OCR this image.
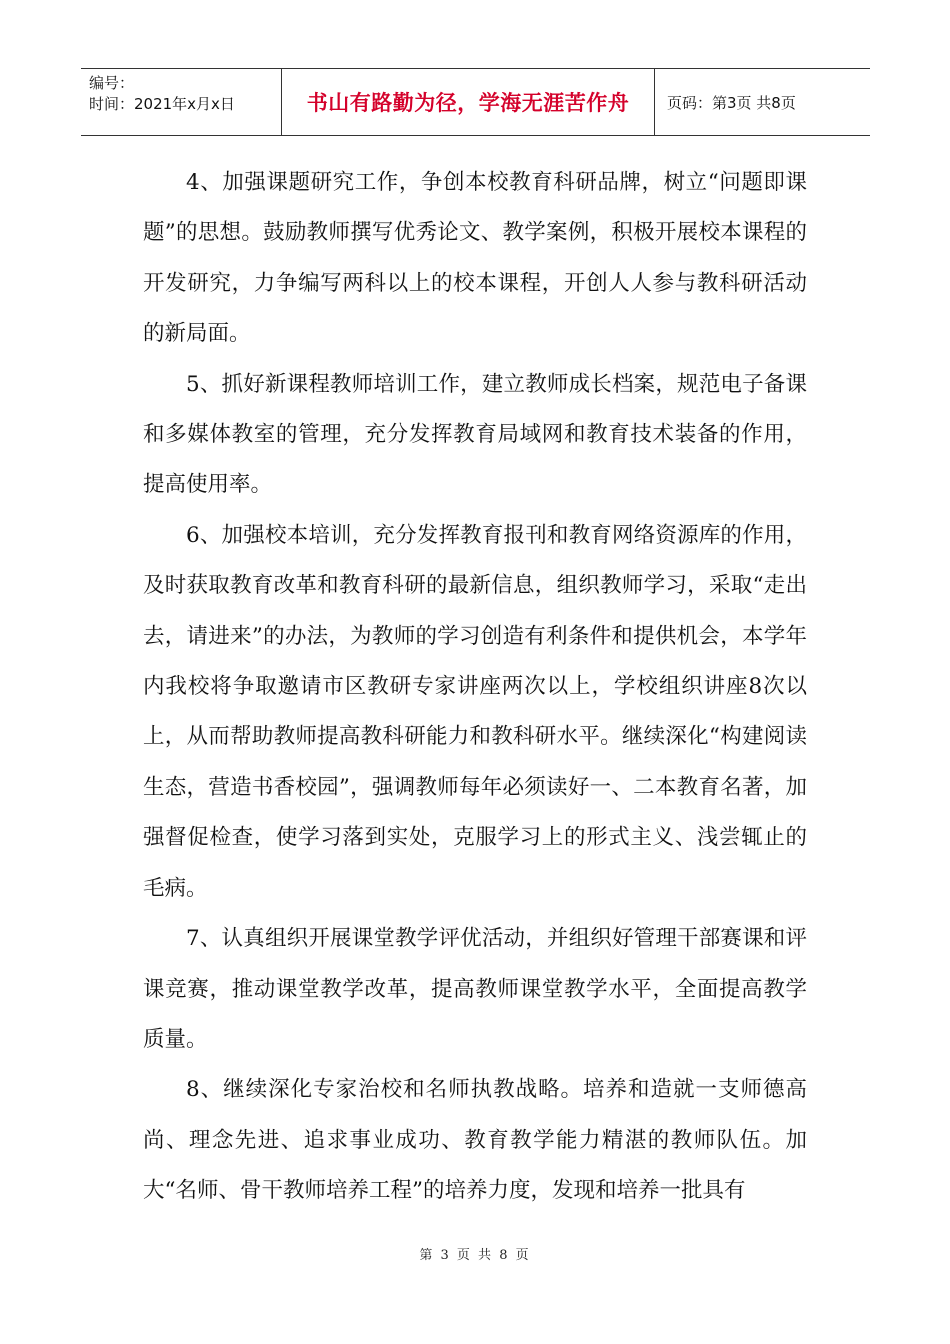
编号：
时间：2021年x月x日	书山有路勤为径，学海无涯苦作舟	页码：第3页 共8页

4、加强课题研究工作，争创本校教育科研品牌，树立“问题即课题”的思想。鼓励教师撰写优秀论文、教学案例，积极开展校本课程的开发研究，力争编写两科以上的校本课程，开创人人参与教科研活动的新局面。

5、抓好新课程教师培训工作，建立教师成长档案，规范电子备课和多媒体教室的管理，充分发挥教育局域网和教育技术装备的作用，提高使用率。

6、加强校本培训，充分发挥教育报刊和教育网络资源库的作用，及时获取教育改革和教育科研的最新信息，组织教师学习，采取“走出去，请进来”的办法，为教师的学习创造有利条件和提供机会，本学年内我校将争取邀请市区教研专家讲座两次以上，学校组织讲座8次以上，从而帮助教师提高教科研能力和教科研水平。继续深化“构建阅读生态，营造书香校园”，强调教师每年必须读好一、二本教育名著，加强督促检查，使学习落到实处，克服学习上的形式主义、浅尝辄止的毛病。

7、认真组织开展课堂教学评优活动，并组织好管理干部赛课和评课竞赛，推动课堂教学改革，提高教师课堂教学水平，全面提高教学质量。

8、继续深化专家治校和名师执教战略。培养和造就一支师德高尚、理念先进、追求事业成功、教育教学能力精湛的教师队伍。加大“名师、骨干教师培养工程”的培养力度，发现和培养一批具有

第 3 页 共 8 页
